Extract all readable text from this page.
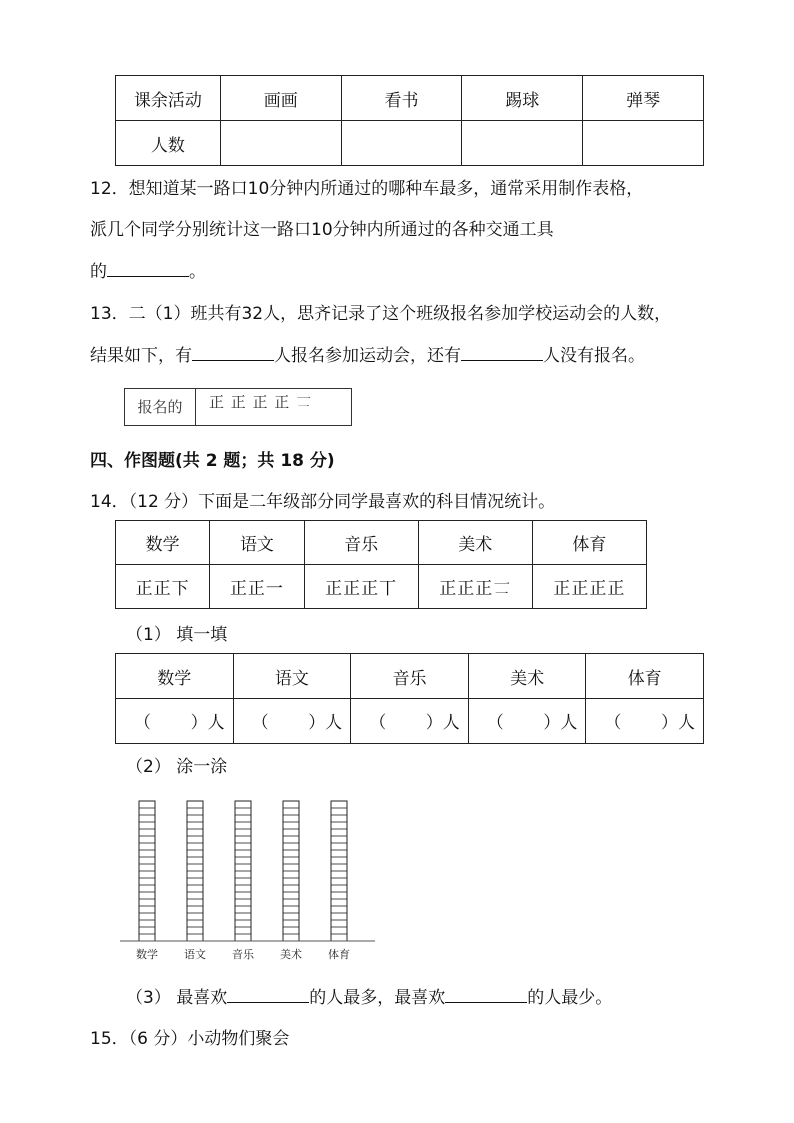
课余活动	画画	看书	踢球	弹琴
人数				
12．想知道某一路口10分钟内所通过的哪种车最多，通常采用制作表格，
派几个同学分别统计这一路口10分钟内所通过的各种交通工具
的	。
13．二（1）班共有32人，思齐记录了这个班级报名参加学校运动会的人数，
结果如下，有	人报名参加运动会，还有	人没有报名。
报名的	正 正 正 正 𠄟
四、作图题(共 2 题；共 18 分)
14．（12 分）下面是二年级部分同学最喜欢的科目情况统计。
数学	语文	音乐	美术	体育
正正下	正正一	正正正丅	正正正𠄟	正正正正
（1） 填一填
数学	语文	音乐	美术	体育

（ ）人	（ ）人	（ ）人	（ ）人	（ ）人
（2） 涂一涂
数学 语文 音乐 美术 体育
（3） 最喜欢	的人最多，最喜欢	的人最少。
15．（6 分）小动物们聚会
